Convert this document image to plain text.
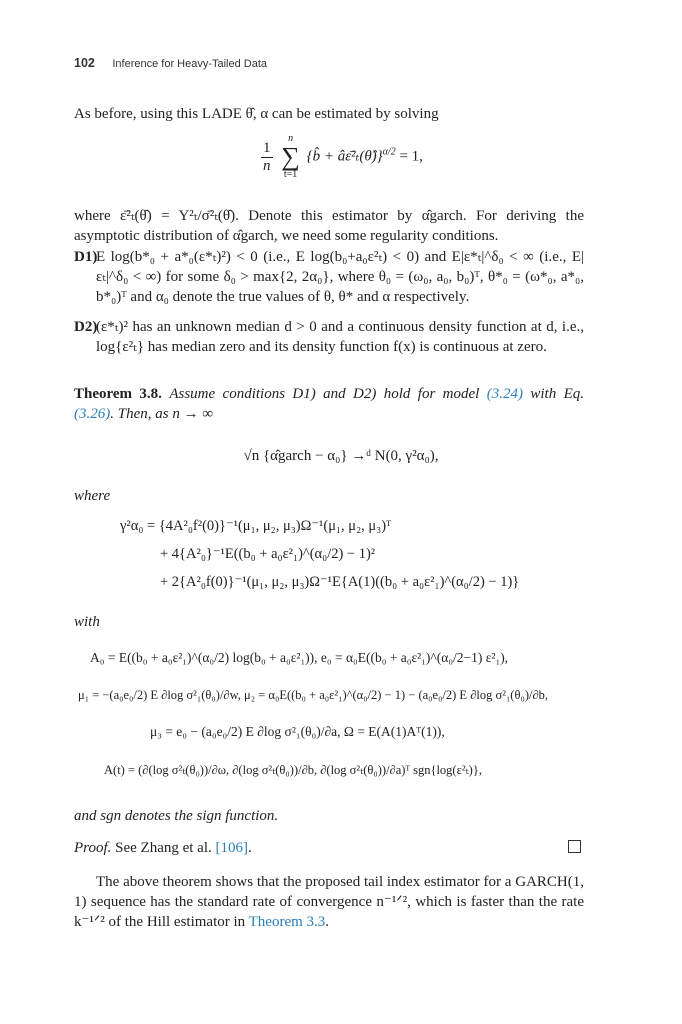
102 Inference for Heavy-Tailed Data
As before, using this LADE θ̂, α can be estimated by solving
$\frac{1}{n}$
n
∑
t=1 {b̂ + âε̄²ₜ(θ̂)}$^{\alpha/2}$ = 1,
where ε̄²ₜ(θ̂) = Y²ₜ/σ̄²ₜ(θ̂). Denote this estimator by α̂garch. For deriving the asymptotic distribution of α̂garch, we need some regularity conditions.
D1)
E log(b*₀ + a*₀(ε*ₜ)²) < 0 (i.e., E log(b₀+a₀ε²ₜ) < 0) and E|ε*ₜ|^δ₀ < ∞ (i.e., E|εₜ|^δ₀ < ∞) for some δ₀ > max{2, 2α₀}, where θ₀ = (ω₀, a₀, b₀)ᵀ, θ*₀ = (ω*₀, a*₀, b*₀)ᵀ and α₀ denote the true values of θ, θ* and α respectively.
D2)
(ε*ₜ)² has an unknown median d > 0 and a continuous density function at d, i.e., log{ε²ₜ} has median zero and its density function f(x) is continuous at zero.
Theorem 3.8. Assume conditions D1) and D2) hold for model (3.24) with Eq. (3.26). Then, as n → ∞
√n {α̂garch − α₀} →ᵈ N(0, γ²α₀),
where
γ²α₀ = {4A²₀f²(0)}⁻¹(μ₁, μ₂, μ₃)Ω⁻¹(μ₁, μ₂, μ₃)ᵀ
+ 4{A²₀}⁻¹E((b₀ + a₀ε²₁)^(α₀/2) − 1)²
+ 2{A²₀f(0)}⁻¹(μ₁, μ₂, μ₃)Ω⁻¹E{A(1)((b₀ + a₀ε²₁)^(α₀/2) − 1)}
with
A₀ = E((b₀ + a₀ε²₁)^(α₀/2) log(b₀ + a₀ε²₁)), e₀ = α₀E((b₀ + a₀ε²₁)^(α₀/2−1) ε²₁),
μ₁ = −(a₀e₀/2) E ∂log σ²₁(θ₀)/∂w, μ₂ = α₀E((b₀ + a₀ε²₁)^(α₀/2) − 1) − (a₀e₀/2) E ∂log σ²₁(θ₀)/∂b,
μ₃ = e₀ − (a₀e₀/2) E ∂log σ²₁(θ₀)/∂a, Ω = E(A(1)Aᵀ(1)),
A(t) = (∂(log σ²ₜ(θ₀))/∂ω, ∂(log σ²ₜ(θ₀))/∂b, ∂(log σ²ₜ(θ₀))/∂a)ᵀ sgn{log(ε²ₜ)},
and sgn denotes the sign function.
Proof. See Zhang et al. [106].
The above theorem shows that the proposed tail index estimator for a GARCH(1, 1) sequence has the standard rate of convergence n⁻¹ᐟ², which is faster than the rate k⁻¹ᐟ² of the Hill estimator in Theorem 3.3.
